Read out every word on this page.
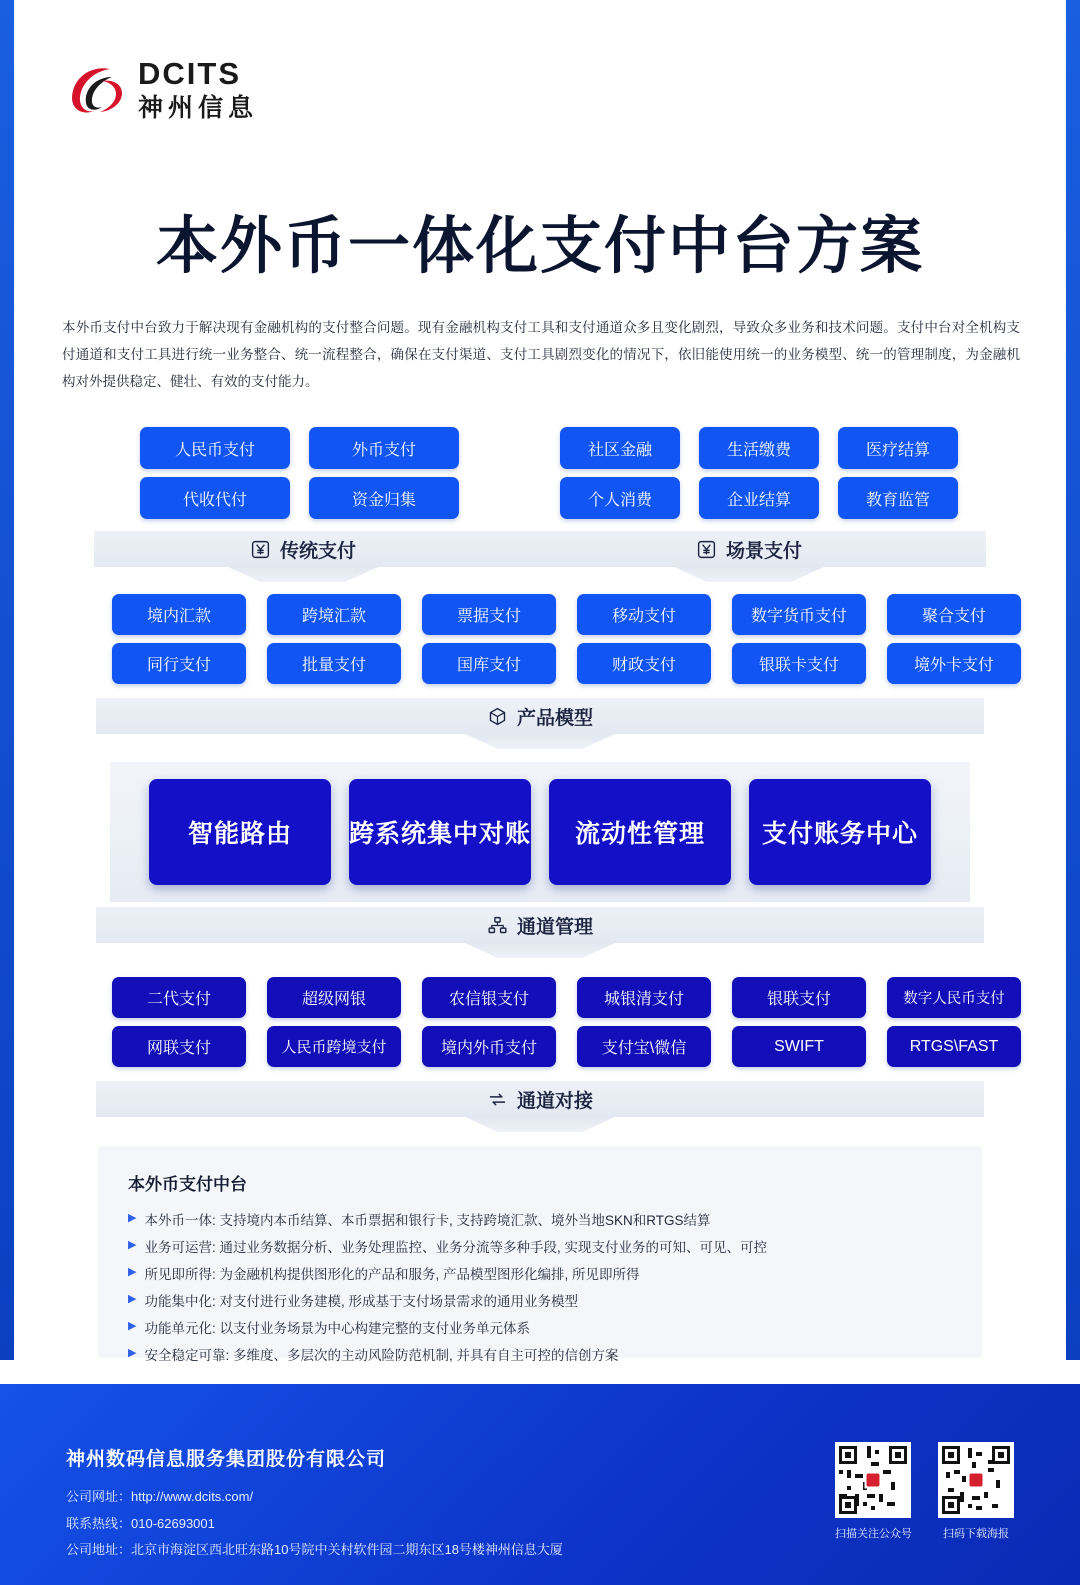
DCITS
神州信息
本外币一体化支付中台方案
本外币支付中台致力于解决现有金融机构的支付整合问题。现有金融机构支付工具和支付通道众多且变化剧烈，导致众多业务和技术问题。支付中台对全机构支付通道和支付工具进行统一业务整合、统一流程整合，确保在支付渠道、支付工具剧烈变化的情况下，依旧能使用统一的业务模型、统一的管理制度，为金融机构对外提供稳定、健壮、有效的支付能力。
人民币支付	外币支付
代收代付	资金归集
传统支付
社区金融	生活缴费	医疗结算
个人消费	企业结算	教育监管
场景支付
境内汇款	跨境汇款	票据支付	移动支付	数字货币支付	聚合支付
同行支付	批量支付	国库支付	财政支付	银联卡支付	境外卡支付
产品模型
智能路由	跨系统集中对账	流动性管理	支付账务中心
通道管理
二代支付	超级网银	农信银支付	城银清支付	银联支付	数字人民币支付
网联支付	人民币跨境支付	境内外币支付	支付宝\微信	SWIFT	RTGS\FAST
通道对接
本外币支付中台
▶ 本外币一体: 支持境内本币结算、本币票据和银行卡, 支持跨境汇款、境外当地SKN和RTGS结算
▶ 业务可运营: 通过业务数据分析、业务处理监控、业务分流等多种手段, 实现支付业务的可知、可见、可控
▶ 所见即所得: 为金融机构提供图形化的产品和服务, 产品模型图形化编排, 所见即所得
▶ 功能集中化: 对支付进行业务建模, 形成基于支付场景需求的通用业务模型
▶ 功能单元化: 以支付业务场景为中心构建完整的支付业务单元体系
▶ 安全稳定可靠: 多维度、多层次的主动风险防范机制, 并具有自主可控的信创方案
神州数码信息服务集团股份有限公司
公司网址：http://www.dcits.com/
联系热线：010-62693001
公司地址：北京市海淀区西北旺东路10号院中关村软件园二期东区18号楼神州信息大厦
扫描关注公众号	扫码下载海报
